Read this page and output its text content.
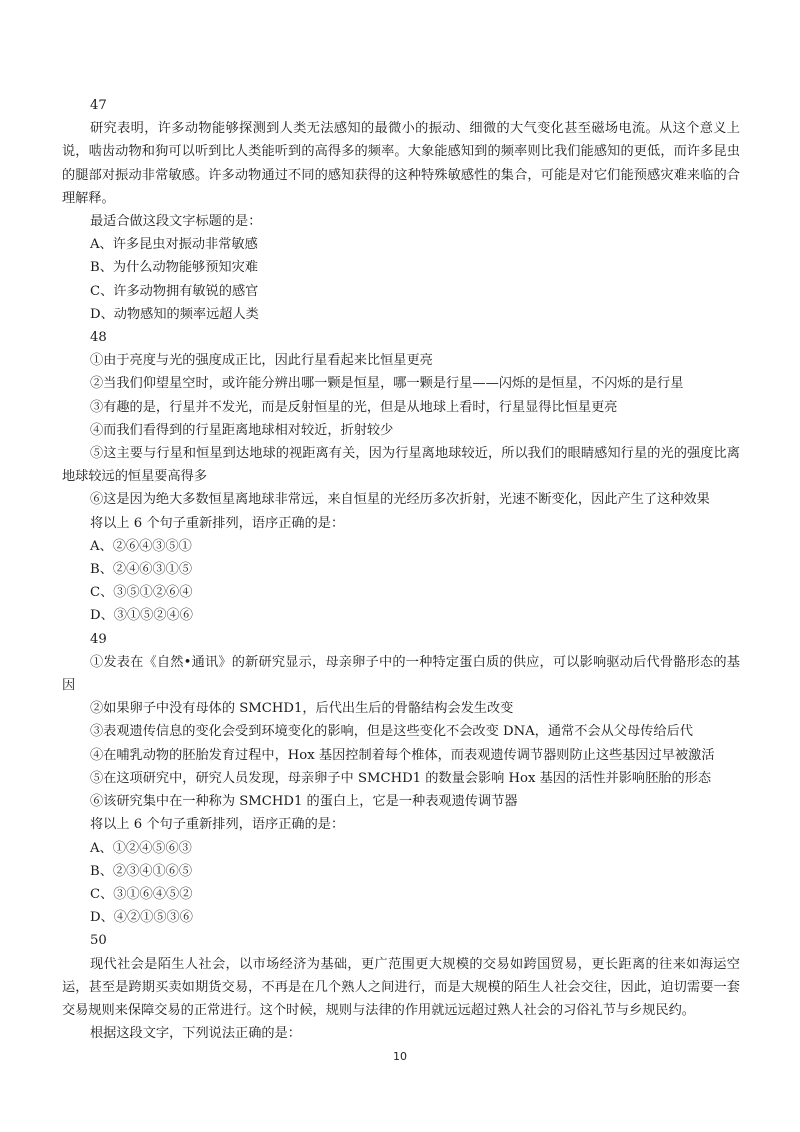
47

研究表明，许多动物能够探测到人类无法感知的最微小的振动、细微的大气变化甚至磁场电流。从这个意义上说，啮齿动物和狗可以听到比人类能听到的高得多的频率。大象能感知到的频率则比我们能感知的更低，而许多昆虫的腿部对振动非常敏感。许多动物通过不同的感知获得的这种特殊敏感性的集合，可能是对它们能预感灾难来临的合理解释。

最适合做这段文字标题的是：

A、许多昆虫对振动非常敏感

B、为什么动物能够预知灾难

C、许多动物拥有敏锐的感官

D、动物感知的频率远超人类

48

①由于亮度与光的强度成正比，因此行星看起来比恒星更亮

②当我们仰望星空时，或许能分辨出哪一颗是恒星，哪一颗是行星——闪烁的是恒星，不闪烁的是行星

③有趣的是，行星并不发光，而是反射恒星的光，但是从地球上看时，行星显得比恒星更亮

④而我们看得到的行星距离地球相对较近，折射较少

⑤这主要与行星和恒星到达地球的视距离有关，因为行星离地球较近，所以我们的眼睛感知行星的光的强度比离地球较远的恒星要高得多

⑥这是因为绝大多数恒星离地球非常远，来自恒星的光经历多次折射，光速不断变化，因此产生了这种效果

将以上 6 个句子重新排列，语序正确的是：

A、②⑥④③⑤①

B、②④⑥③①⑤

C、③⑤①②⑥④

D、③①⑤②④⑥

49

①发表在《自然•通讯》的新研究显示，母亲卵子中的一种特定蛋白质的供应，可以影响驱动后代骨骼形态的基因

②如果卵子中没有母体的 SMCHD1，后代出生后的骨骼结构会发生改变

③表观遗传信息的变化会受到环境变化的影响，但是这些变化不会改变 DNA，通常不会从父母传给后代

④在哺乳动物的胚胎发育过程中，Hox 基因控制着每个椎体，而表观遗传调节器则防止这些基因过早被激活

⑤在这项研究中，研究人员发现，母亲卵子中 SMCHD1 的数量会影响 Hox 基因的活性并影响胚胎的形态

⑥该研究集中在一种称为 SMCHD1 的蛋白上，它是一种表观遗传调节器

将以上 6 个句子重新排列，语序正确的是：

A、①②④⑤⑥③

B、②③④①⑥⑤

C、③①⑥④⑤②

D、④②①⑤③⑥

50

现代社会是陌生人社会，以市场经济为基础，更广范围更大规模的交易如跨国贸易，更长距离的往来如海运空运，甚至是跨期买卖如期货交易，不再是在几个熟人之间进行，而是大规模的陌生人社会交往，因此，迫切需要一套交易规则来保障交易的正常进行。这个时候，规则与法律的作用就远远超过熟人社会的习俗礼节与乡规民约。

根据这段文字，下列说法正确的是：

10
